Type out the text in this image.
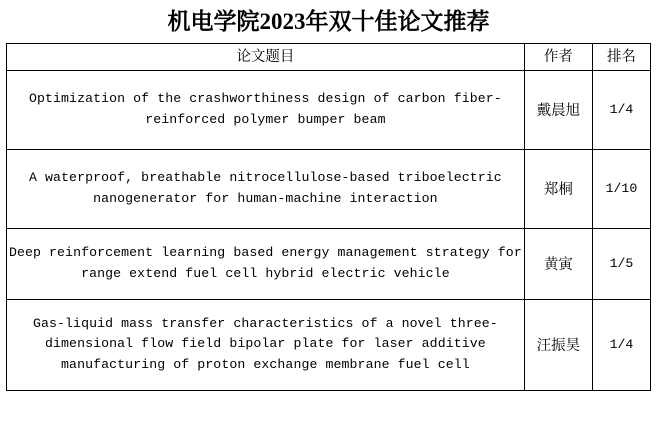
机电学院2023年双十佳论文推荐
论文题目	作者	排名
Optimization of the crashworthiness design of carbon fiber-reinforced polymer bumper beam	戴晨旭	1/4
A waterproof, breathable nitrocellulose-based triboelectric nanogenerator for human-machine interaction	郑桐	1/10
Deep reinforcement learning based energy management strategy for range extend fuel cell hybrid electric vehicle	黄寅	1/5
Gas-liquid mass transfer characteristics of a novel three-dimensional flow field bipolar plate for laser additive manufacturing of proton exchange membrane fuel cell	汪振昊	1/4
